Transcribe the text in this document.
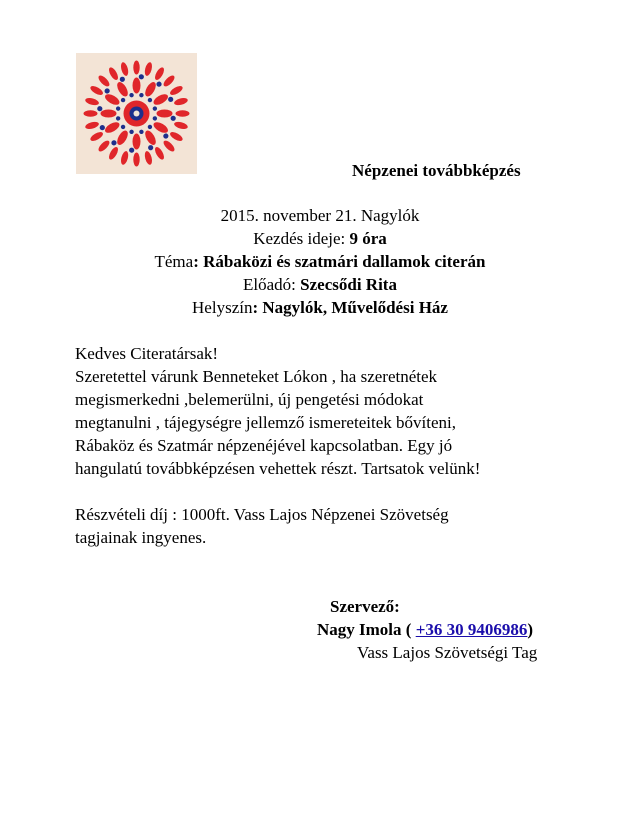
Népzenei továbbképzés
2015. november 21. Nagylók
Kezdés ideje: 9 óra
Téma: Rábaközi és szatmári dallamok citerán
Előadó: Szecsődi Rita
Helyszín: Nagylók, Művelődési Ház
Kedves Citeratársak!
Szeretettel várunk Benneteket Lókon , ha szeretnétek
megismerkedni ,belemerülni, új pengetési módokat
megtanulni , tájegységre jellemző ismereteitek bővíteni,
Rábaköz és Szatmár népzenéjével kapcsolatban. Egy jó
hangulatú továbbképzésen vehettek részt. Tartsatok velünk!
Részvételi díj : 1000ft. Vass Lajos Népzenei Szövetség
tagjainak ingyenes.
Szervező:
Nagy Imola ( +36 30 9406986)
Vass Lajos Szövetségi Tag
